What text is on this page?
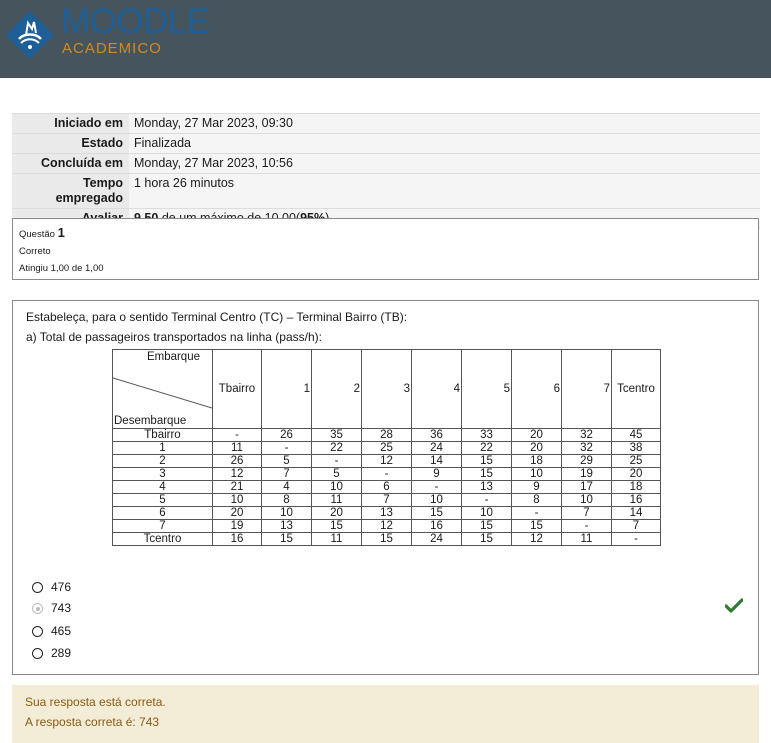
MOODLE
ACADEMICO
Iniciado em	Monday, 27 Mar 2023, 09:30
Estado	Finalizada
Concluída em	Monday, 27 Mar 2023, 10:56
Tempo empregado	1 hora 26 minutos

Questão 1
Correto
Atingiu 1,00 de 1,00
Estabeleça, para o sentido Terminal Centro (TC) – Terminal Bairro (TB):
a) Total de passageiros transportados na linha (pass/h):
Embarque
Desembarque	Tbairro	1	2	3	4	5	6	7	Tcentro
Tbairro	-	26	35	28	36	33	20	32	45
1	11	-	22	25	24	22	20	32	38
2	26	5	-	12	14	15	18	29	25
3	12	7	5	-	9	15	10	19	20
4	21	4	10	6	-	13	9	17	18
5	10	8	11	7	10	-	8	10	16
6	20	10	20	13	15	10	-	7	14
7	19	13	15	12	16	15	15	-	7
Tcentro	16	15	11	15	24	15	12	11	-
476
743
465
289
Sua resposta está correta.
A resposta correta é: 743
